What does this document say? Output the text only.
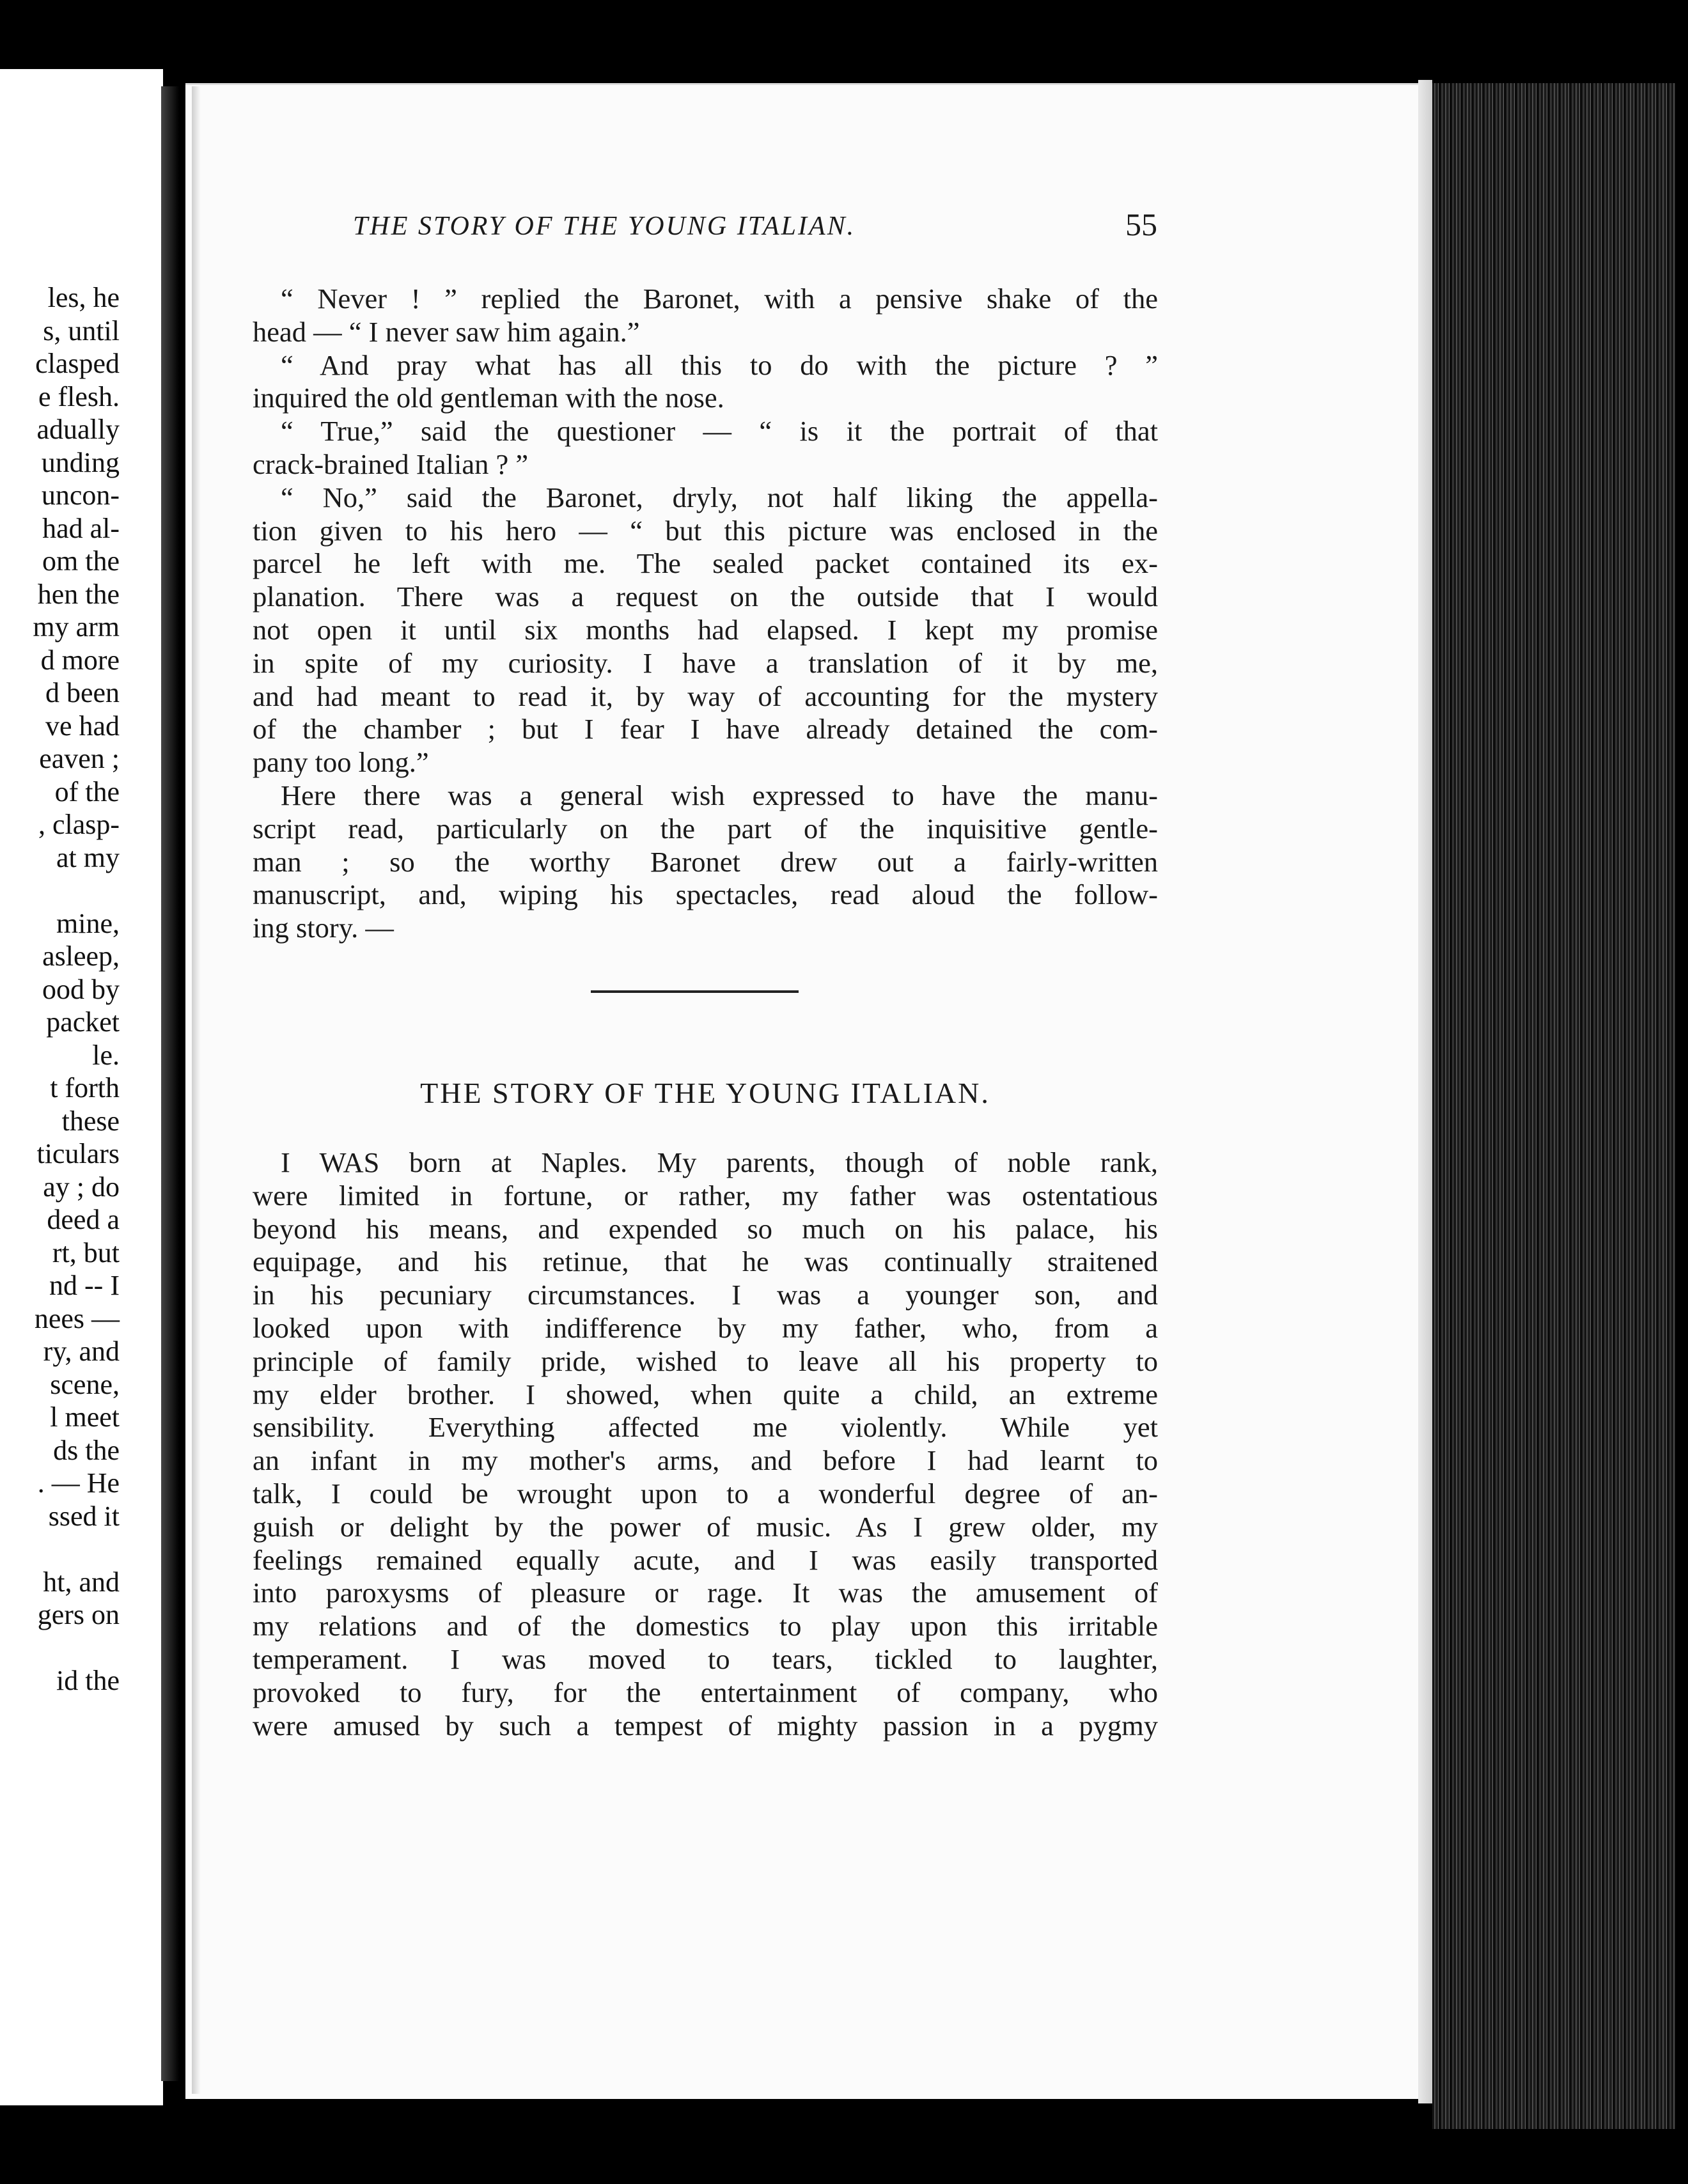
les, he
s, until
clasped
e flesh.
adually
unding
uncon-
had al-
om the
hen the
my arm
d more
d been
ve had
eaven ;
of the
, clasp-
at my
mine,
asleep,
ood by
packet
le.
t forth
these
ticulars
ay ; do
deed a
rt, but
nd -- I
nees —
ry, and
scene,
l meet
ds the
. — He
ssed it
ht, and
gers on
id the
THE STORY OF THE YOUNG ITALIAN.	55
“ Never ! ” replied the Baronet, with a pensive shake of the
head — “ I never saw him again.”
“ And pray what has all this to do with the picture ? ”
inquired the old gentleman with the nose.
“ True,” said the questioner — “ is it the portrait of that
crack-brained Italian ? ”
“ No,” said the Baronet, dryly, not half liking the appella-
tion given to his hero — “ but this picture was enclosed in the
parcel he left with me. The sealed packet contained its ex-
planation. There was a request on the outside that I would
not open it until six months had elapsed. I kept my promise
in spite of my curiosity. I have a translation of it by me,
and had meant to read it, by way of accounting for the mystery
of the chamber ; but I fear I have already detained the com-
pany too long.”
Here there was a general wish expressed to have the manu-
script read, particularly on the part of the inquisitive gentle-
man ; so the worthy Baronet drew out a fairly-written
manuscript, and, wiping his spectacles, read aloud the follow-
ing story. —
THE STORY OF THE YOUNG ITALIAN.
I WAS born at Naples. My parents, though of noble rank,
were limited in fortune, or rather, my father was ostentatious
beyond his means, and expended so much on his palace, his
equipage, and his retinue, that he was continually straitened
in his pecuniary circumstances. I was a younger son, and
looked upon with indifference by my father, who, from a
principle of family pride, wished to leave all his property to
my elder brother. I showed, when quite a child, an extreme
sensibility. Everything affected me violently. While yet
an infant in my mother's arms, and before I had learnt to
talk, I could be wrought upon to a wonderful degree of an-
guish or delight by the power of music. As I grew older, my
feelings remained equally acute, and I was easily transported
into paroxysms of pleasure or rage. It was the amusement of
my relations and of the domestics to play upon this irritable
temperament. I was moved to tears, tickled to laughter,
provoked to fury, for the entertainment of company, who
were amused by such a tempest of mighty passion in a pygmy
